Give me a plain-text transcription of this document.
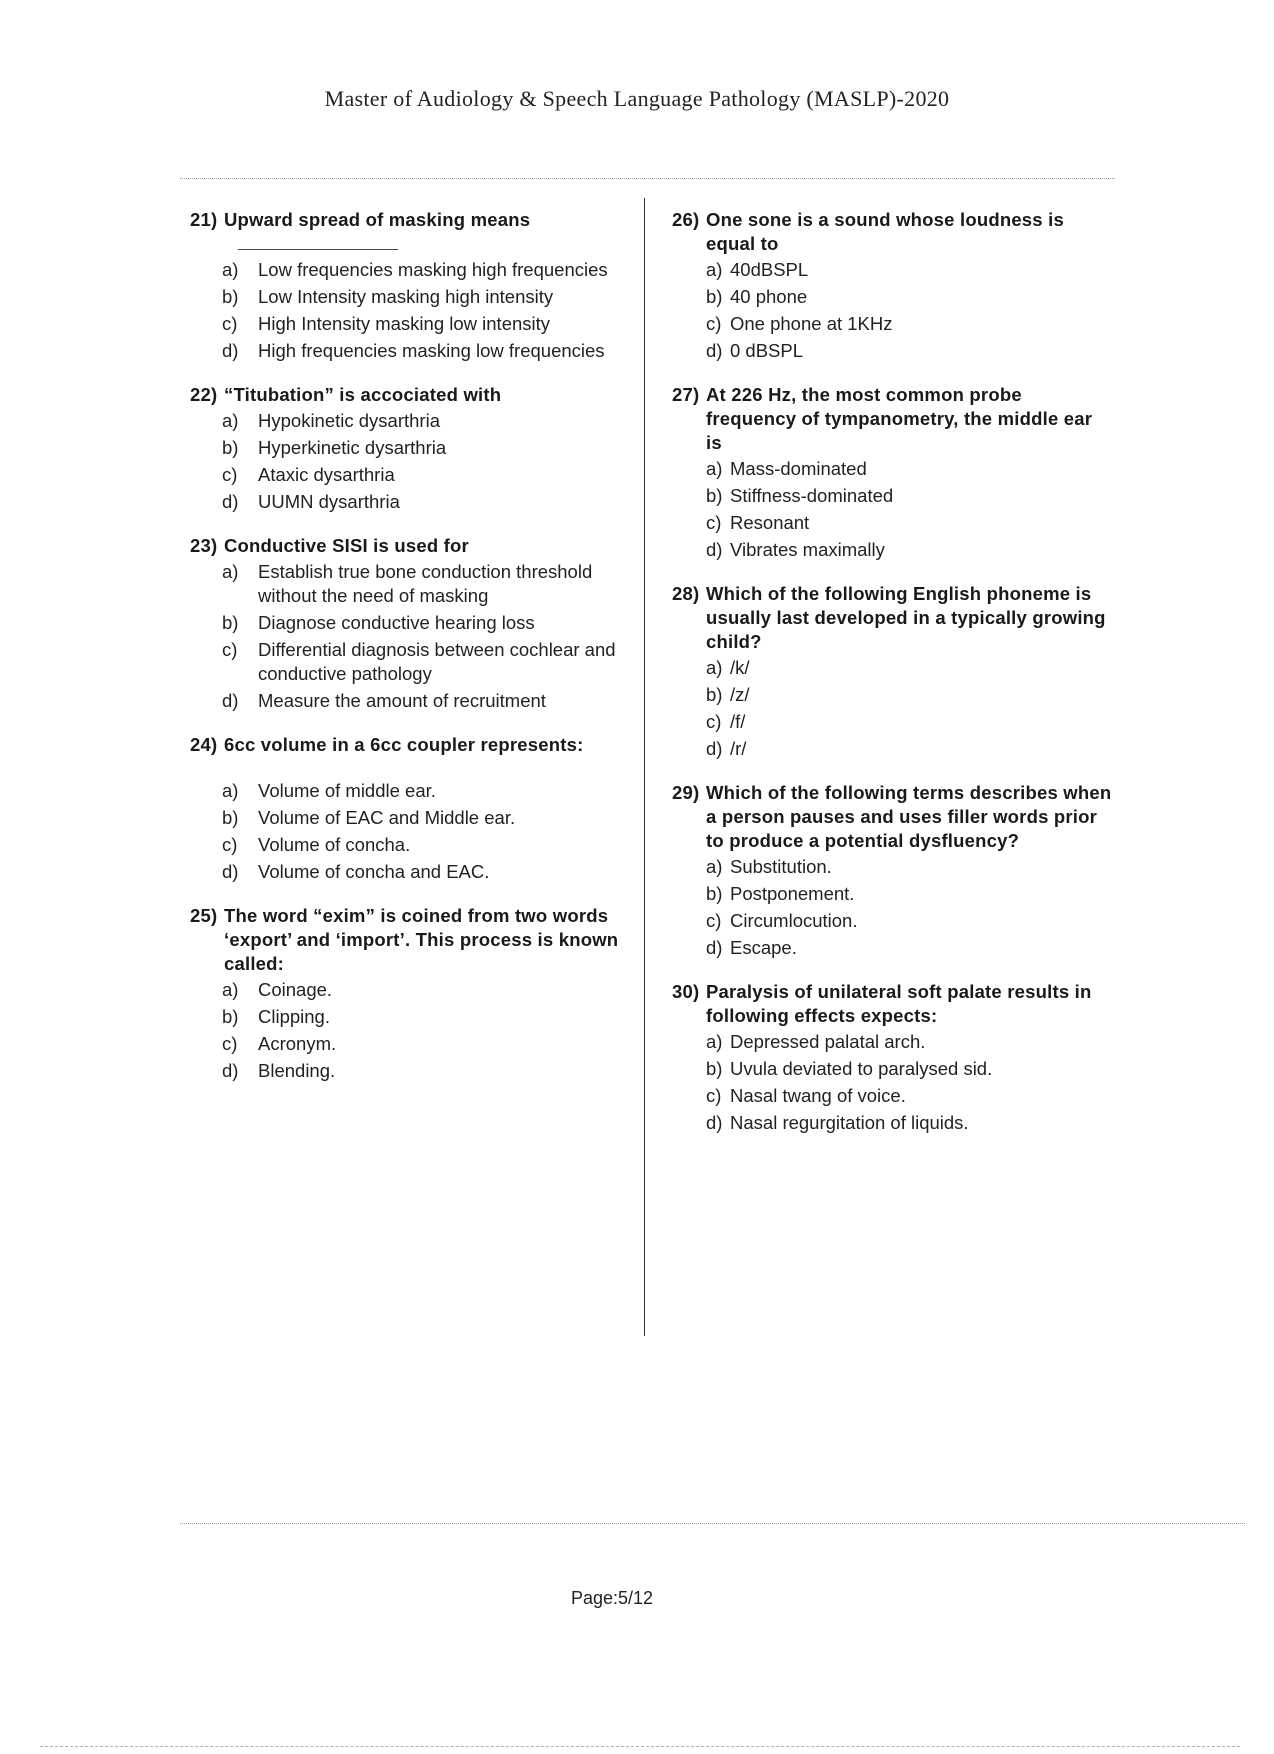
Master of Audiology & Speech Language Pathology (MASLP)-2020
21) Upward spread of masking means
a)	Low frequencies masking high frequencies
b)	Low Intensity masking high intensity
c)	High Intensity masking low intensity
d)	High frequencies masking low frequencies
22) “Titubation” is accociated with
a)	Hypokinetic dysarthria
b)	Hyperkinetic dysarthria
c)	Ataxic dysarthria
d)	UUMN dysarthria
23) Conductive SISI is used for
a)	Establish true bone conduction threshold without the need of masking
b)	Diagnose conductive hearing loss
c)	Differential diagnosis between cochlear and conductive pathology
d)	Measure the amount of recruitment
24) 6cc volume in a 6cc coupler represents:
a)	Volume of middle ear.
b)	Volume of EAC and Middle ear.
c)	Volume of concha.
d)	Volume of concha and EAC.
25) The word “exim” is coined from two words ‘export’ and ‘import’. This process is known called:
a)	Coinage.
b)	Clipping.
c)	Acronym.
d)	Blending.
26) One sone is a sound whose loudness is equal to
a) 40dBSPL
b) 40 phone
c) One phone at 1KHz
d) 0 dBSPL
27) At 226 Hz, the most common probe frequency of tympanometry, the middle ear is
a) Mass-dominated
b) Stiffness-dominated
c) Resonant
d) Vibrates maximally
28) Which of the following English phoneme is usually last developed in a typically growing child?
a) /k/
b) /z/
c) /f/
d) /r/
29) Which of the following terms describes when a person pauses and uses filler words prior to produce a potential dysfluency?
a) Substitution.
b) Postponement.
c) Circumlocution.
d) Escape.
30) Paralysis of unilateral soft palate results in following effects expects:
a) Depressed palatal arch.
b) Uvula deviated to paralysed sid.
c) Nasal twang of voice.
d) Nasal regurgitation of liquids.
Page:5/12
